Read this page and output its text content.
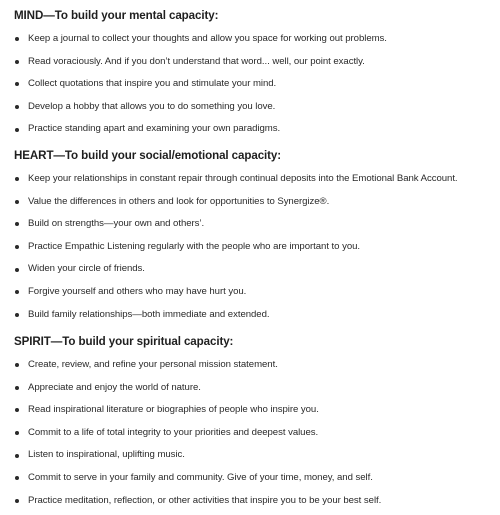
MIND—To build your mental capacity:
Keep a journal to collect your thoughts and allow you space for working out problems.
Read voraciously. And if you don’t understand that word... well, our point exactly.
Collect quotations that inspire you and stimulate your mind.
Develop a hobby that allows you to do something you love.
Practice standing apart and examining your own paradigms.
HEART—To build your social/emotional capacity:
Keep your relationships in constant repair through continual deposits into the Emotional Bank Account.
Value the differences in others and look for opportunities to Synergize®.
Build on strengths—your own and others’.
Practice Empathic Listening regularly with the people who are important to you.
Widen your circle of friends.
Forgive yourself and others who may have hurt you.
Build family relationships—both immediate and extended.
SPIRIT—To build your spiritual capacity:
Create, review, and refine your personal mission statement.
Appreciate and enjoy the world of nature.
Read inspirational literature or biographies of people who inspire you.
Commit to a life of total integrity to your priorities and deepest values.
Listen to inspirational, uplifting music.
Commit to serve in your family and community. Give of your time, money, and self.
Practice meditation, reflection, or other activities that inspire you to be your best self.
